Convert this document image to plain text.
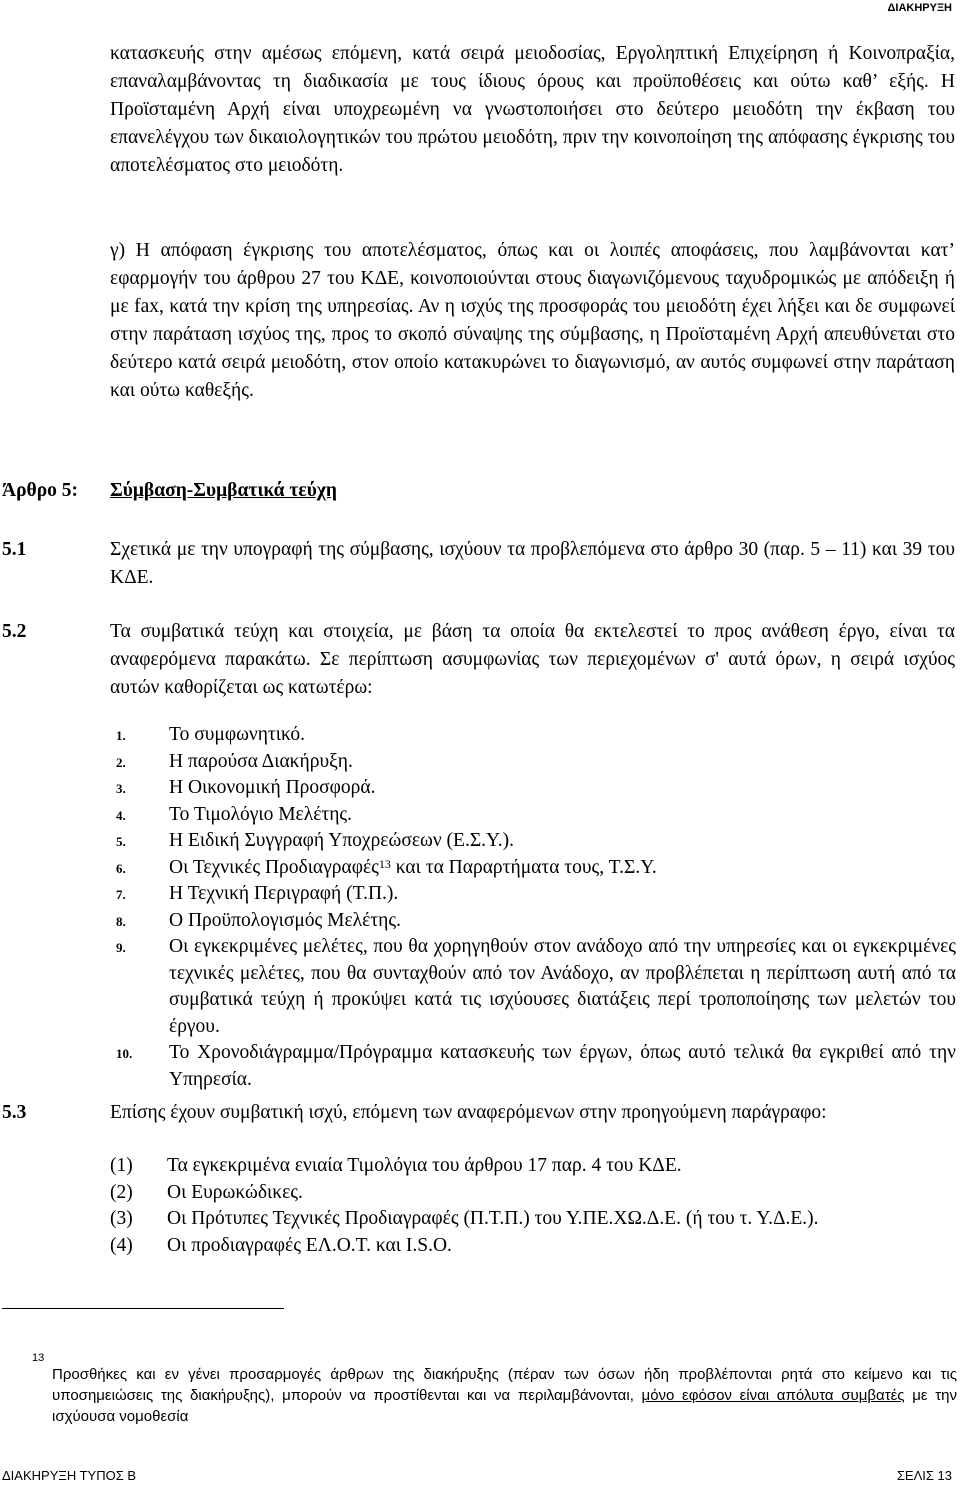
ΔΙΑΚΗΡΥΞΗ
κατασκευής στην αμέσως επόμενη, κατά σειρά μειοδοσίας, Εργοληπτική Επιχείρηση ή Κοινοπραξία, επαναλαμβάνοντας τη διαδικασία με τους ίδιους όρους και προϋποθέσεις και ούτω καθ’ εξής. Η Προϊσταμένη Αρχή είναι υποχρεωμένη να γνωστοποιήσει στο δεύτερο μειοδότη την έκβαση του επανελέγχου των δικαιολογητικών του πρώτου μειοδότη, πριν την κοινοποίηση της απόφασης έγκρισης του αποτελέσματος στο μειοδότη.
γ) Η απόφαση έγκρισης του αποτελέσματος, όπως και οι λοιπές αποφάσεις, που λαμβάνονται κατ’ εφαρμογήν του άρθρου 27 του ΚΔΕ, κοινοποιούνται στους διαγωνιζόμενους ταχυδρομικώς με απόδειξη ή με fax, κατά την κρίση της υπηρεσίας. Αν η ισχύς της προσφοράς του μειοδότη έχει λήξει και δε συμφωνεί στην παράταση ισχύος της, προς το σκοπό σύναψης της σύμβασης, η Προϊσταμένη Αρχή απευθύνεται στο δεύτερο κατά σειρά μειοδότη, στον οποίο κατακυρώνει το διαγωνισμό, αν αυτός συμφωνεί στην παράταση και ούτω καθεξής.
Άρθρο 5: Σύμβαση-Συμβατικά τεύχη
5.1	Σχετικά με την υπογραφή της σύμβασης, ισχύουν τα προβλεπόμενα στο άρθρο 30 (παρ. 5 – 11) και 39 του ΚΔΕ.
5.2	Τα συμβατικά τεύχη και στοιχεία, με βάση τα οποία θα εκτελεστεί το προς ανάθεση έργο, είναι τα αναφερόμενα παρακάτω. Σε περίπτωση ασυμφωνίας των περιεχομένων σ' αυτά όρων, η σειρά ισχύος αυτών καθορίζεται ως κατωτέρω:
1. Το συμφωνητικό.
2. Η παρούσα Διακήρυξη.
3. Η Οικονομική Προσφορά.
4. Το Τιμολόγιο Μελέτης.
5. Η Ειδική Συγγραφή Υποχρεώσεων (Ε.Σ.Υ.).
6. Οι Τεχνικές Προδιαγραφές$^{13}$ και τα Παραρτήματα τους, Τ.Σ.Υ.
7. Η Τεχνική Περιγραφή (Τ.Π.).
8. Ο Προϋπολογισμός Μελέτης.
9. Οι εγκεκριμένες μελέτες, που θα χορηγηθούν στον ανάδοχο από την υπηρεσίες και οι εγκεκριμένες τεχνικές μελέτες, που θα συνταχθούν από τον Ανάδοχο, αν προβλέπεται η περίπτωση αυτή από τα συμβατικά τεύχη ή προκύψει κατά τις ισχύουσες διατάξεις περί τροποποίησης των μελετών του έργου.
10. Το Χρονοδιάγραμμα/Πρόγραμμα κατασκευής των έργων, όπως αυτό τελικά θα εγκριθεί από την Υπηρεσία.
5.3	Επίσης έχουν συμβατική ισχύ, επόμενη των αναφερόμενων στην προηγούμενη παράγραφο:
(1) Τα εγκεκριμένα ενιαία Τιμολόγια του άρθρου 17 παρ. 4 του ΚΔΕ.
(2) Οι Ευρωκώδικες.
(3) Οι Πρότυπες Τεχνικές Προδιαγραφές (Π.Τ.Π.) του Υ.ΠΕ.ΧΩ.Δ.Ε. (ή του τ. Υ.Δ.Ε.).
(4) Οι προδιαγραφές ΕΛ.Ο.Τ. και I.S.O.
13
Προσθήκες και εν γένει προσαρμογές άρθρων της διακήρυξης (πέραν των όσων ήδη προβλέπονται ρητά στο κείμενο και τις υποσημειώσεις της διακήρυξης), μπορούν να προστίθενται και να περιλαμβάνονται, μόνο εφόσον είναι απόλυτα συμβατές με την ισχύουσα νομοθεσία
ΔΙΑΚΗΡΥΞΗ ΤΥΠΟΣ Β	ΣΕΛΙΣ 13
